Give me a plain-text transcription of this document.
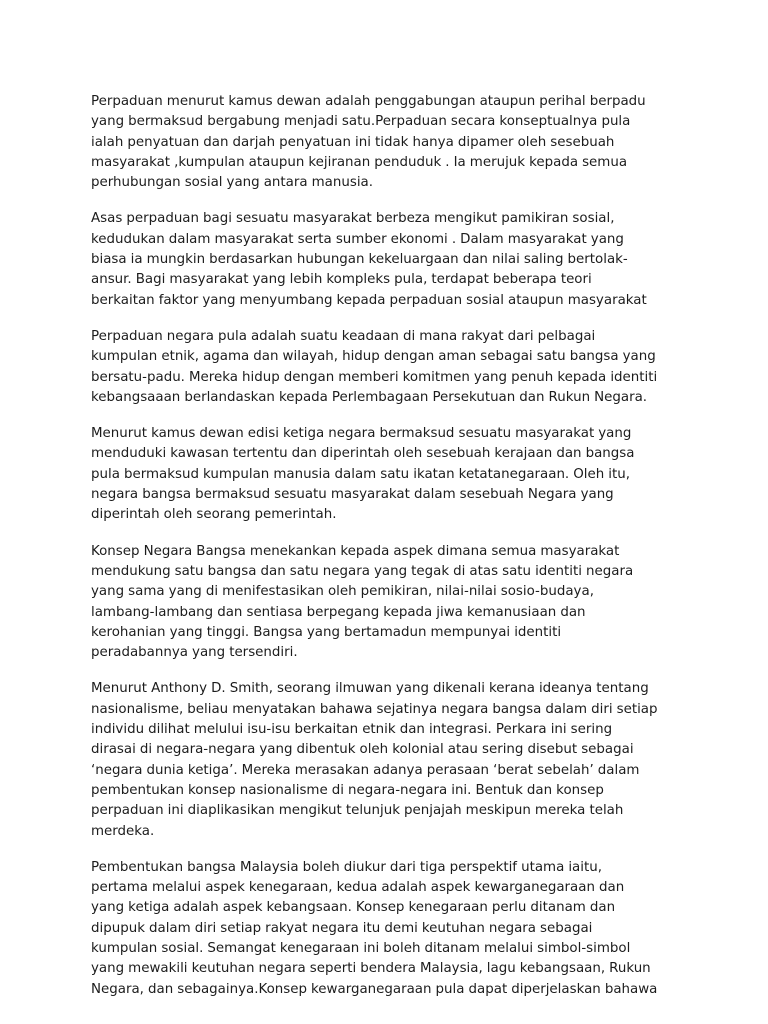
Perpaduan menurut kamus dewan adalah penggabungan ataupun perihal berpadu
yang bermaksud bergabung menjadi satu.Perpaduan secara konseptualnya pula
ialah penyatuan dan darjah penyatuan ini tidak hanya dipamer oleh sesebuah
masyarakat ,kumpulan ataupun kejiranan penduduk . Ia merujuk kepada semua
perhubungan sosial yang antara manusia.

Asas perpaduan bagi sesuatu masyarakat berbeza mengikut pamikiran sosial,
kedudukan dalam masyarakat serta sumber ekonomi . Dalam masyarakat yang
biasa ia mungkin berdasarkan hubungan kekeluargaan dan nilai saling bertolak-
ansur. Bagi masyarakat yang lebih kompleks pula, terdapat beberapa teori
berkaitan faktor yang menyumbang kepada perpaduan sosial ataupun masyarakat

Perpaduan negara pula adalah suatu keadaan di mana rakyat dari pelbagai
kumpulan etnik, agama dan wilayah, hidup dengan aman sebagai satu bangsa yang
bersatu-padu. Mereka hidup dengan memberi komitmen yang penuh kepada identiti
kebangsaaan berlandaskan kepada Perlembagaan Persekutuan dan Rukun Negara.

Menurut kamus dewan edisi ketiga negara bermaksud sesuatu masyarakat yang
menduduki kawasan tertentu dan diperintah oleh sesebuah kerajaan dan bangsa
pula bermaksud kumpulan manusia dalam satu ikatan ketatanegaraan. Oleh itu,
negara bangsa bermaksud sesuatu masyarakat dalam sesebuah Negara yang
diperintah oleh seorang pemerintah.

Konsep Negara Bangsa menekankan kepada aspek dimana semua masyarakat
mendukung satu bangsa dan satu negara yang tegak di atas satu identiti negara
yang sama yang di menifestasikan oleh pemikiran, nilai-nilai sosio-budaya,
lambang-lambang dan sentiasa berpegang kepada jiwa kemanusiaan dan
kerohanian yang tinggi. Bangsa yang bertamadun mempunyai identiti
peradabannya yang tersendiri.

Menurut Anthony D. Smith, seorang ilmuwan yang dikenali kerana ideanya tentang
nasionalisme, beliau menyatakan bahawa sejatinya negara bangsa dalam diri setiap
individu dilihat melului isu-isu berkaitan etnik dan integrasi. Perkara ini sering
dirasai di negara-negara yang dibentuk oleh kolonial atau sering disebut sebagai
‘negara dunia ketiga’. Mereka merasakan adanya perasaan ‘berat sebelah’ dalam
pembentukan konsep nasionalisme di negara-negara ini. Bentuk dan konsep
perpaduan ini diaplikasikan mengikut telunjuk penjajah meskipun mereka telah
merdeka.

Pembentukan bangsa Malaysia boleh diukur dari tiga perspektif utama iaitu,
pertama melalui aspek kenegaraan, kedua adalah aspek kewarganegaraan dan
yang ketiga adalah aspek kebangsaan. Konsep kenegaraan perlu ditanam dan
dipupuk dalam diri setiap rakyat negara itu demi keutuhan negara sebagai
kumpulan sosial. Semangat kenegaraan ini boleh ditanam melalui simbol-simbol
yang mewakili keutuhan negara seperti bendera Malaysia, lagu kebangsaan, Rukun
Negara, dan sebagainya.Konsep kewarganegaraan pula dapat diperjelaskan bahawa
